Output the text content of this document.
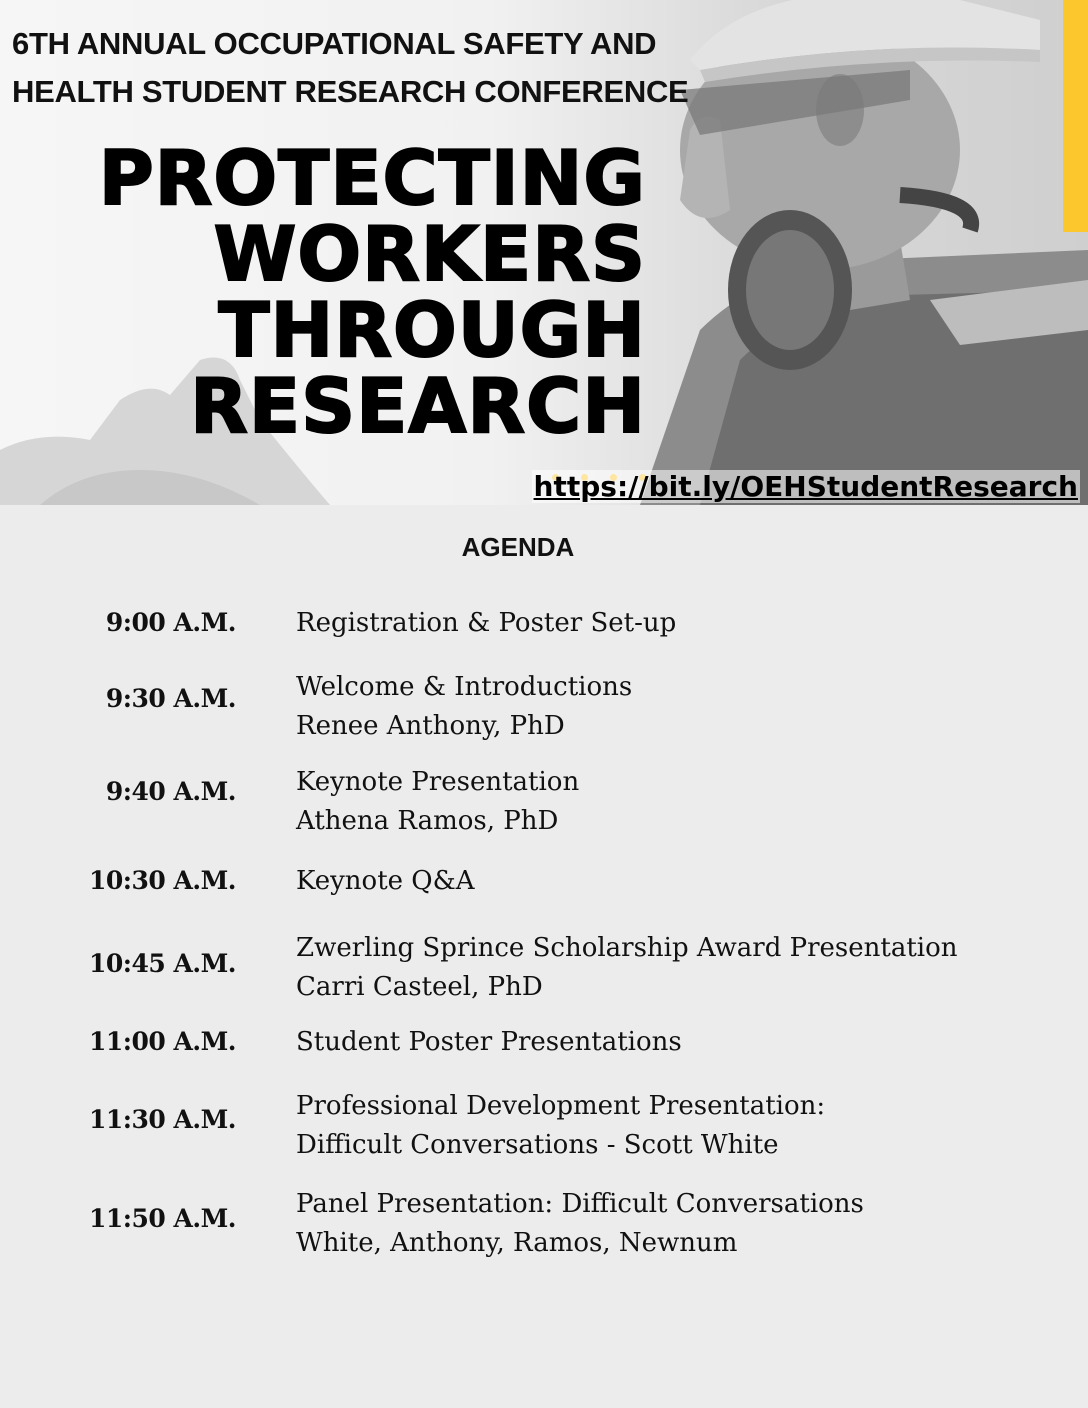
6TH ANNUAL OCCUPATIONAL SAFETY AND
HEALTH STUDENT RESEARCH CONFERENCE
PROTECTING
WORKERS
THROUGH
RESEARCH
https://bit.ly/OEHStudentResearch
AGENDA
9:00 A.M. Registration & Poster Set-up
9:30 A.M. Welcome & Introductions
Renee Anthony, PhD
9:40 A.M. Keynote Presentation
Athena Ramos, PhD
10:30 A.M. Keynote Q&A
10:45 A.M.
Zwerling Sprince Scholarship Award Presentation
Carri Casteel, PhD
11:00 A.M. Student Poster Presentations
11:30 A.M. Professional Development Presentation:
Difficult Conversations - Scott White
11:50 A.M. Panel Presentation: Difficult Conversations
White, Anthony, Ramos, Newnum
